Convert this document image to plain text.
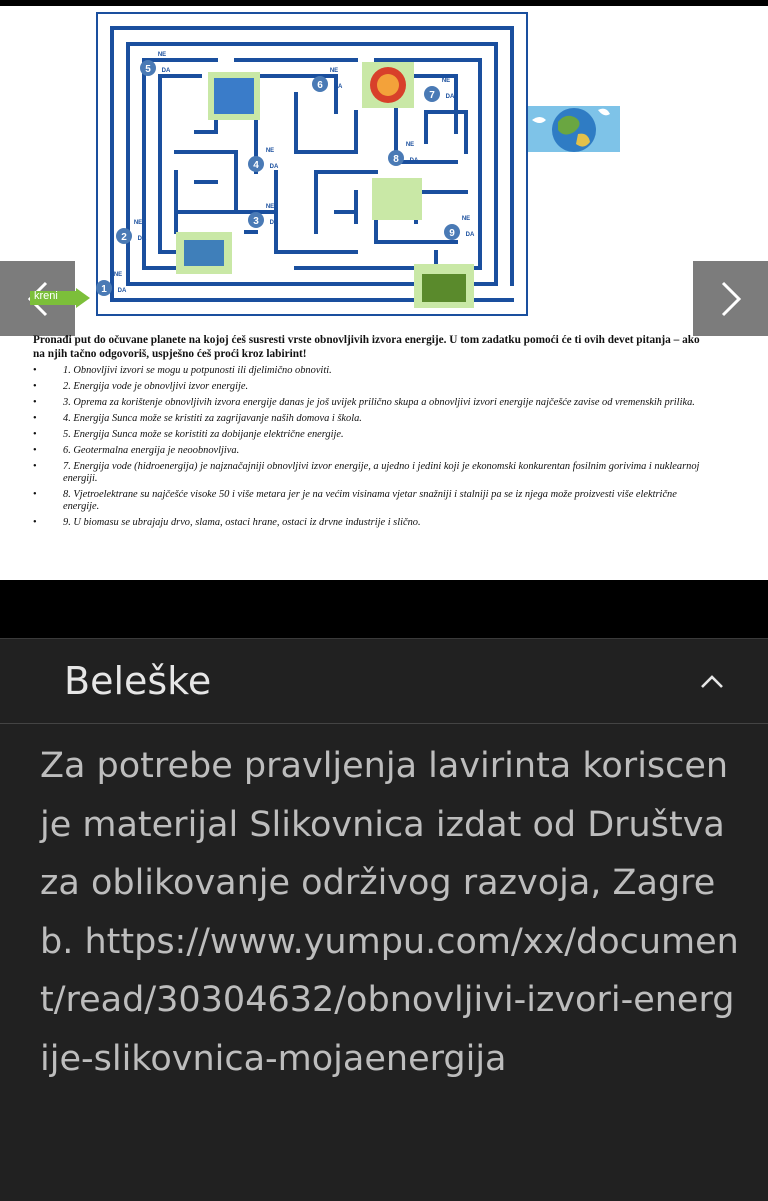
1
NE
DA
2
NE
DA
3
NE
DA
4
NE
DA
5
NE
DA
6
NE
DA
7
NE
DA
8
NE
DA
9
NE
DA
kreni

Pronađi put do očuvane planete na kojoj ćeš susresti vrste obnovljivih izvora energije. U tom zadatku pomoći će ti ovih devet pitanja – ako na njih tačno odgovoriš, uspješno ćeš proći kroz labirint!

•	1. Obnovljivi izvori se mogu u potpunosti ili djelimično obnoviti.
•	2. Energija vode je obnovljivi izvor energije.
•	3. Oprema za korištenje obnovljivih izvora energije danas je još uvijek prilično skupa a obnovljivi izvori energije najčešće zavise od vremenskih prilika.
•	4. Energija Sunca može se kristiti za zagrijavanje naših domova i škola.
•	5. Energija Sunca može se koristiti za dobijanje električne energije.
•	6. Geotermalna energija je neoobnovljiva.
•	7. Energija vode (hidroenergija) je najznačajniji obnovljivi izvor energije, a ujedno i jedini koji je ekonomski konkurentan fosilnim gorivima i nuklearnoj energiji.
•	8. Vjetroelektrane su najčešće visoke 50 i više metara jer je na većim visinama vjetar snažniji i stalniji pa se iz njega može proizvesti više električne energije.
•	9. U biomasu se ubrajaju drvo, slama, ostaci hrane, ostaci iz drvne industrije i slično.
Beleške

Za potrebe pravljenja lavirinta koriscen je materijal Slikovnica izdat od Društva za oblikovanje održivog razvoja, Zagreb. https://www.yumpu.com/xx/document/read/30304632/obnovljivi-izvori-energije-slikovnica-mojaenergija
